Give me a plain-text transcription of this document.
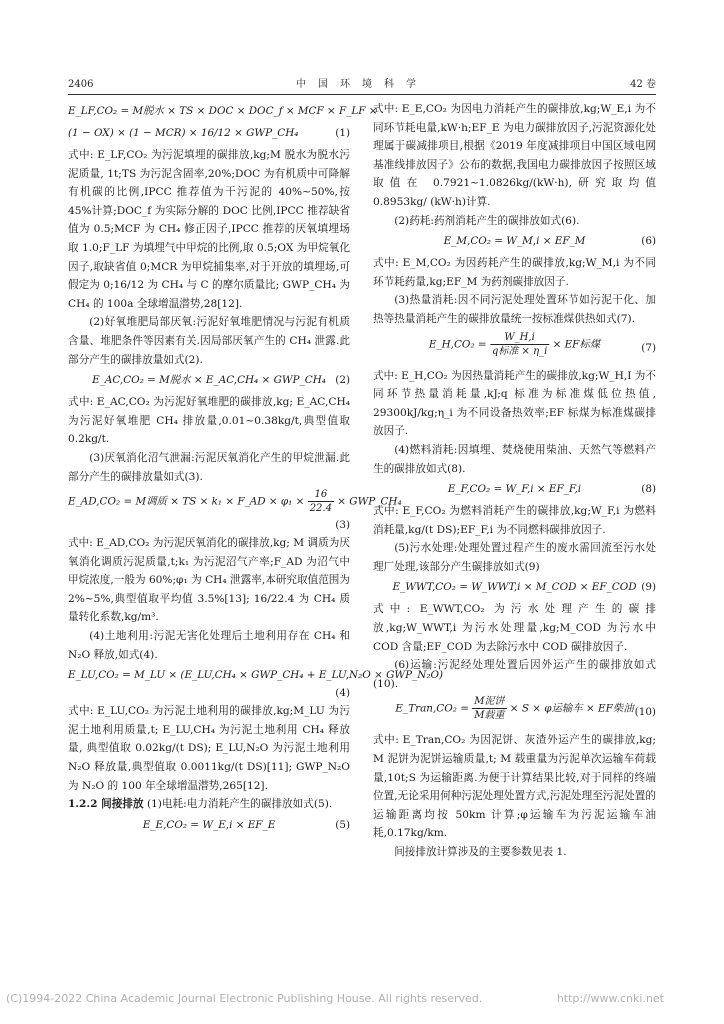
2406	中国环境科学	42 卷
E_LF,CO₂ = M脱水 × TS × DOC × DOC_f × MCF × F_LF ×
(1 − OX) × (1 − MCR) × 16/12 × GWP_CH₄	(1)

式中: E_LF,CO₂ 为污泥填埋的碳排放,kg;M 脱水为脱水污泥质量, 1t;TS 为污泥含固率,20%;DOC 为有机质中可降解有机碳的比例,IPCC 推荐值为干污泥的 40%~50%,按 45%计算;DOC_f 为实际分解的 DOC 比例,IPCC 推荐缺省值为 0.5;MCF 为 CH₄ 修正因子,IPCC 推荐的厌氧填埋场取 1.0;F_LF 为填埋气中甲烷的比例,取 0.5;OX 为甲烷氧化因子,取缺省值 0;MCR 为甲烷捕集率,对于开放的填埋场,可假定为 0;16/12 为 CH₄ 与 C 的摩尔质量比; GWP_CH₄ 为 CH₄ 的 100a 全球增温潜势,28[12].

(2)好氧堆肥局部厌氧:污泥好氧堆肥情况与污泥有机质含量、堆肥条件等因素有关.因局部厌氧产生的 CH₄ 泄露.此部分产生的碳排放量如式(2).

E_AC,CO₂ = M脱水 × E_AC,CH₄ × GWP_CH₄ (2)

式中: E_AC,CO₂ 为污泥好氧堆肥的碳排放,kg; E_AC,CH₄ 为污泥好氧堆肥 CH₄ 排放量,0.01~0.38kg/t,典型值取 0.2kg/t.

(3)厌氧消化沼气泄漏:污泥厌氧消化产生的甲烷泄漏.此部分产生的碳排放量如式(3).

E_AD,CO₂ = M调质 × TS × k₁ × F_AD × $\varphi_1 \times \frac{16}{22.4}$ × GWP_CH₄
(3)

式中: E_AD,CO₂ 为污泥厌氧消化的碳排放,kg; M 调质为厌氧消化调质污泥质量,t;k₁ 为污泥沼气产率;F_AD 为沼气中甲烷浓度,一般为 60%;φ₁ 为 CH₄ 泄露率,本研究取值范围为 2%~5%,典型值取平均值 3.5%[13]; 16/22.4 为 CH₄ 质量转化系数,kg/m³.

(4)土地利用:污泥无害化处理后土地利用存在 CH₄ 和 N₂O 释放,如式(4).

E_LU,CO₂ = M_LU × (E_LU,CH₄ × GWP_CH₄ + E_LU,N₂O × GWP_N₂O)
(4)

式中: E_LU,CO₂ 为污泥土地利用的碳排放,kg;M_LU 为污泥土地利用质量,t; E_LU,CH₄ 为污泥土地利用 CH₄ 释放量, 典型值取 0.02kg/(t DS); E_LU,N₂O 为污泥土地利用 N₂O 释放量,典型值取 0.0011kg/(t DS)[11]; GWP_N₂O 为 N₂O 的 100 年全球增温潜势,265[12].

1.2.2 间接排放 (1)电耗:电力消耗产生的碳排放如式(5).

E_E,CO₂ = W_E,i × EF_E	(5)

式中: E_E,CO₂ 为因电力消耗产生的碳排放,kg;W_E,i 为不同环节耗电量,kW·h;EF_E 为电力碳排放因子,污泥资源化处理属于碳减排项目,根据《2019 年度减排项目中国区域电网基准线排放因子》公布的数据,我国电力碳排放因子按照区域取值在 0.7921~1.0826kg/(kW·h),研究取均值 0.8953kg/ (kW·h)计算.

(2)药耗:药剂消耗产生的碳排放如式(6).

E_M,CO₂ = W_M,i × EF_M	(6)

式中: E_M,CO₂ 为因药耗产生的碳排放,kg;W_M,i 为不同环节耗药量,kg;EF_M 为药剂碳排放因子.

(3)热量消耗:因不同污泥处理处置环节如污泥干化、加热等热量消耗产生的碳排放量统一按标准煤供热如式(7).

E_H,CO₂ = $\frac{W\_H,i}{\text{q标准 × η\_i}}$ × EF标煤	(7)

式中: E_H,CO₂ 为因热量消耗产生的碳排放,kg;W_H,I 为不同环节热量消耗量,kJ;q 标准为标准煤低位热值, 29300kJ/kg;η_i 为不同设备热效率;EF 标煤为标准煤碳排放因子.

(4)燃料消耗:因填埋、焚烧使用柴油、天然气等燃料产生的碳排放如式(8).

E_F,CO₂ = W_F,i × EF_F,i	(8)

式中: E_F,CO₂ 为燃料消耗产生的碳排放,kg;W_F,i 为燃料消耗量,kg/(t DS);EF_F,i 为不同燃料碳排放因子.

(5)污水处理:处理处置过程产生的废水需回流至污水处理厂处理,该部分产生碳排放如式(9)

E_WWT,CO₂ = W_WWT,i × M_COD × EF_COD (9)

式中: E_WWT,CO₂ 为污水处理产生的碳排放,kg;W_WWT,i 为污水处理量,kg;M_COD 为污水中 COD 含量;EF_COD 为去除污水中 COD 碳排放因子.

(6)运输:污泥经处理处置后因外运产生的碳排放如式(10).

E_Tran,CO₂ = $\frac{\text{M泥饼}}{\text{M载重}} \times S \times \varphi$运输车 × EF柴油 (10)

式中: E_Tran,CO₂ 为因泥饼、灰渣外运产生的碳排放,kg; M 泥饼为泥饼运输质量,t; M 载重量为污泥单次运输车荷载量,10t;S 为运输距离.为便于计算结果比较,对于同样的终端位置,无论采用何种污泥处理处置方式,污泥处理至污泥处置的运输距离均按 50km 计算;φ运输车为污泥运输车油耗,0.17kg/km.

间接排放计算涉及的主要参数见表 1.

(C)1994-2022 China Academic Journal Electronic Publishing House. All rights reserved.	http://www.cnki.net
